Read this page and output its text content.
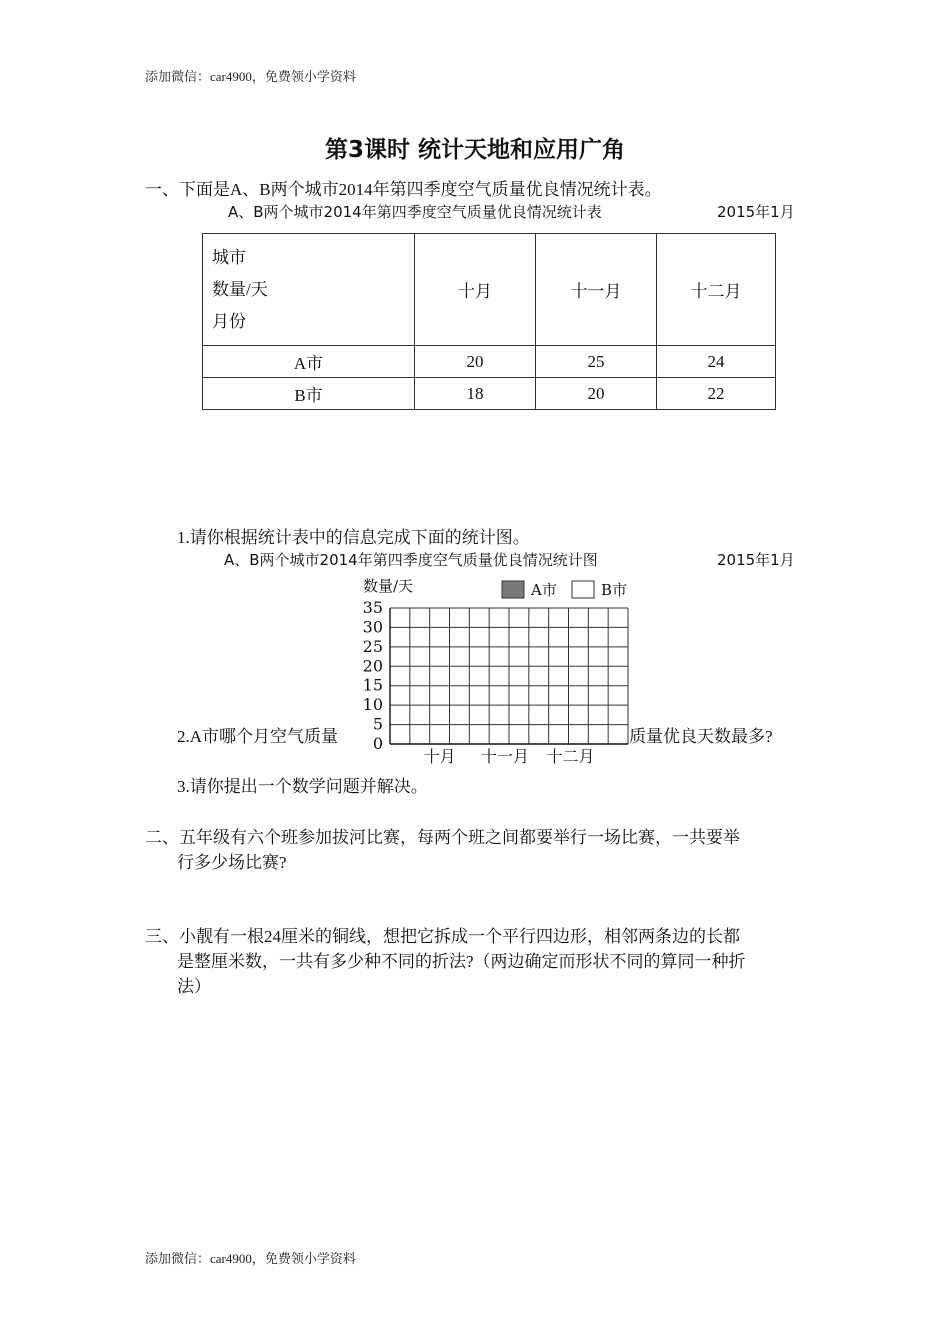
添加微信：car4900，免费领小学资料
第3课时 统计天地和应用广角
一、下面是A、B两个城市2014年第四季度空气质量优良情况统计表。
A、B两个城市2014年第四季度空气质量优良情况统计表	2015年1月
城市
数量/天
月份	十月	十一月	十二月
A市	20	25	24
B市	18	20	22
1.请你根据统计表中的信息完成下面的统计图。
A、B两个城市2014年第四季度空气质量优良情况统计图	2015年1月
数量/天	A市	B市
0
5
10
15
20
25
30
35
十月 十一月 十二月
2.A市哪个月空气质量	质量优良天数最多?
3.请你提出一个数学问题并解决。
二、五年级有六个班参加拔河比赛，每两个班之间都要举行一场比赛，一共要举
行多少场比赛?
三、小靓有一根24厘米的铜线，想把它拆成一个平行四边形，相邻两条边的长都
是整厘米数，一共有多少种不同的折法?（两边确定而形状不同的算同一种折
法）
添加微信：car4900，免费领小学资料
